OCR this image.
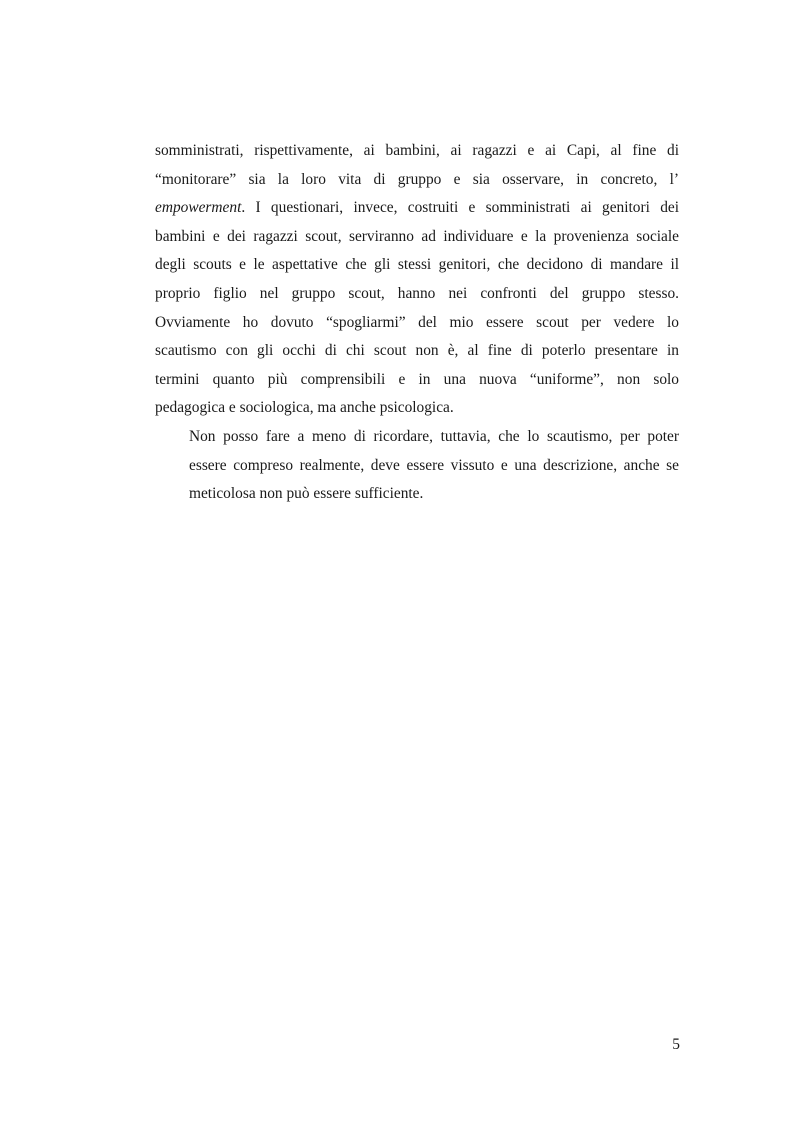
somministrati, rispettivamente, ai bambini, ai ragazzi e ai Capi, al fine di
“monitorare” sia la loro vita di gruppo e sia osservare, in concreto, l’
empowerment. I questionari, invece, costruiti e somministrati ai genitori dei
bambini e dei ragazzi scout, serviranno ad individuare e la provenienza sociale
degli scouts e le aspettative che gli stessi genitori, che decidono di mandare il
proprio figlio nel gruppo scout, hanno nei confronti del gruppo stesso.
Ovviamente ho dovuto “spogliarmi” del mio essere scout per vedere lo
scautismo con gli occhi di chi scout non è, al fine di poterlo presentare in
termini quanto più comprensibili e in una nuova “uniforme”, non solo
pedagogica e sociologica, ma anche psicologica.

Non posso fare a meno di ricordare, tuttavia, che lo scautismo, per poter
essere compreso realmente, deve essere vissuto e una descrizione, anche se
meticolosa non può essere sufficiente.

5
